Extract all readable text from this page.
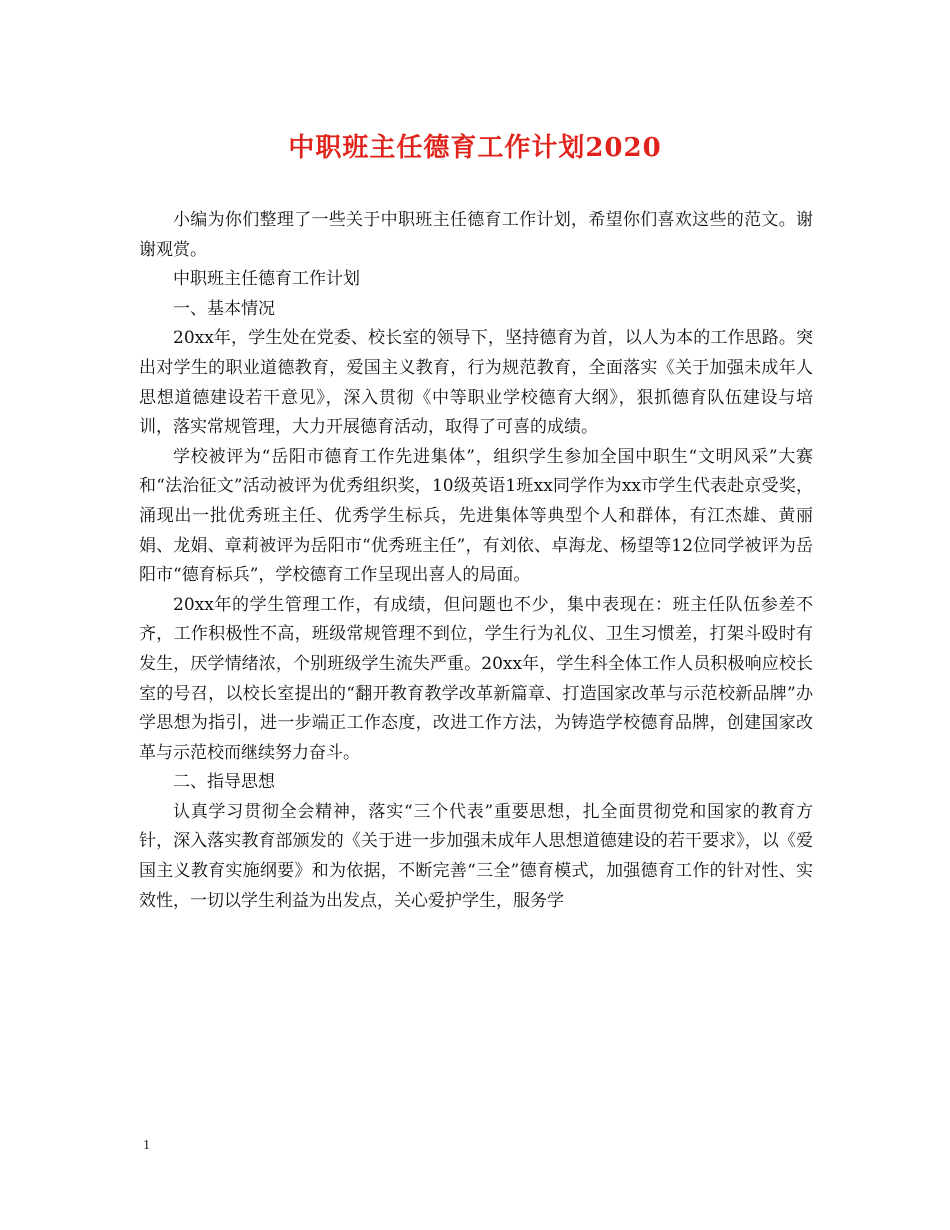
中职班主任德育工作计划2020

小编为你们整理了一些关于中职班主任德育工作计划，希望你们喜欢这些的范文。谢谢观赏。

中职班主任德育工作计划

一、基本情况

20xx年，学生处在党委、校长室的领导下，坚持德育为首，以人为本的工作思路。突出对学生的职业道德教育，爱国主义教育，行为规范教育，全面落实《关于加强未成年人思想道德建设若干意见》，深入贯彻《中等职业学校德育大纲》，狠抓德育队伍建设与培训，落实常规管理，大力开展德育活动，取得了可喜的成绩。

学校被评为“岳阳市德育工作先进集体”，组织学生参加全国中职生“文明风采”大赛和“法治征文”活动被评为优秀组织奖，10级英语1班xx同学作为xx市学生代表赴京受奖，涌现出一批优秀班主任、优秀学生标兵，先进集体等典型个人和群体，有江杰雄、黄丽娟、龙娟、章莉被评为岳阳市“优秀班主任”，有刘依、卓海龙、杨望等12位同学被评为岳阳市“德育标兵”，学校德育工作呈现出喜人的局面。

20xx年的学生管理工作，有成绩，但问题也不少，集中表现在：班主任队伍参差不齐，工作积极性不高，班级常规管理不到位，学生行为礼仪、卫生习惯差，打架斗殴时有发生，厌学情绪浓，个别班级学生流失严重。20xx年，学生科全体工作人员积极响应校长室的号召，以校长室提出的“翻开教育教学改革新篇章、打造国家改革与示范校新品牌”办学思想为指引，进一步端正工作态度，改进工作方法，为铸造学校德育品牌，创建国家改革与示范校而继续努力奋斗。

二、指导思想

认真学习贯彻全会精神，落实“三个代表”重要思想，扎全面贯彻党和国家的教育方针，深入落实教育部颁发的《关于进一步加强未成年人思想道德建设的若干要求》，以《爱国主义教育实施纲要》和为依据，不断完善“三全”德育模式，加强德育工作的针对性、实效性，一切以学生利益为出发点，关心爱护学生，服务学

1
